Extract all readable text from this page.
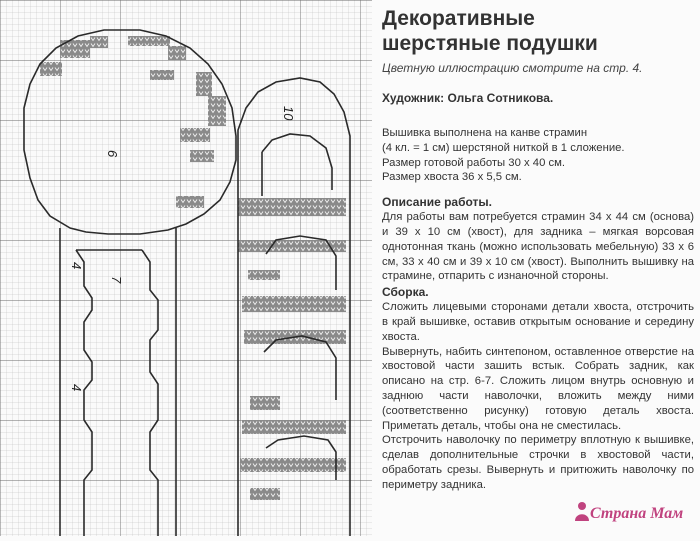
6
7
4
4
10
Декоративные
шерстяные подушки
Цветную иллюстрацию смотрите на стр. 4.
Художник: Ольга Сотникова.
Вышивка выполнена на канве страмин
(4 кл. = 1 см) шерстяной ниткой в 1 сложение.
Размер готовой работы 30 x 40 см.
Размер хвоста 36 x 5,5 см.
Описание работы.
Для работы вам потребуется страмин 34 x 44 см (основа) и 39 x 10 см (хвост), для задника – мягкая ворсовая однотонная ткань (можно использовать мебельную) 33 x 6 см, 33 x 40 см и 39 x 10 см (хвост). Выполнить вышивку на страмине, отпарить с изнаночной стороны.
Сборка.
Сложить лицевыми сторонами детали хвоста, отстрочить в край вышивке, оставив открытым основание и середину хвоста.
Вывернуть, набить синтепоном, оставленное отверстие на хвостовой части зашить встык. Собрать задник, как описано на стр. 6-7. Сложить лицом внутрь основную и заднюю части наволочки, вложить между ними (соответственно рисунку) готовую деталь хвоста. Приметать деталь, чтобы она не сместилась.
Отстрочить наволочку по периметру вплотную к вышивке, сделав дополнительные строчки в хвостовой части, обработать срезы. Вывернуть и притюжить наволочку по периметру задника.
Страна Мам
